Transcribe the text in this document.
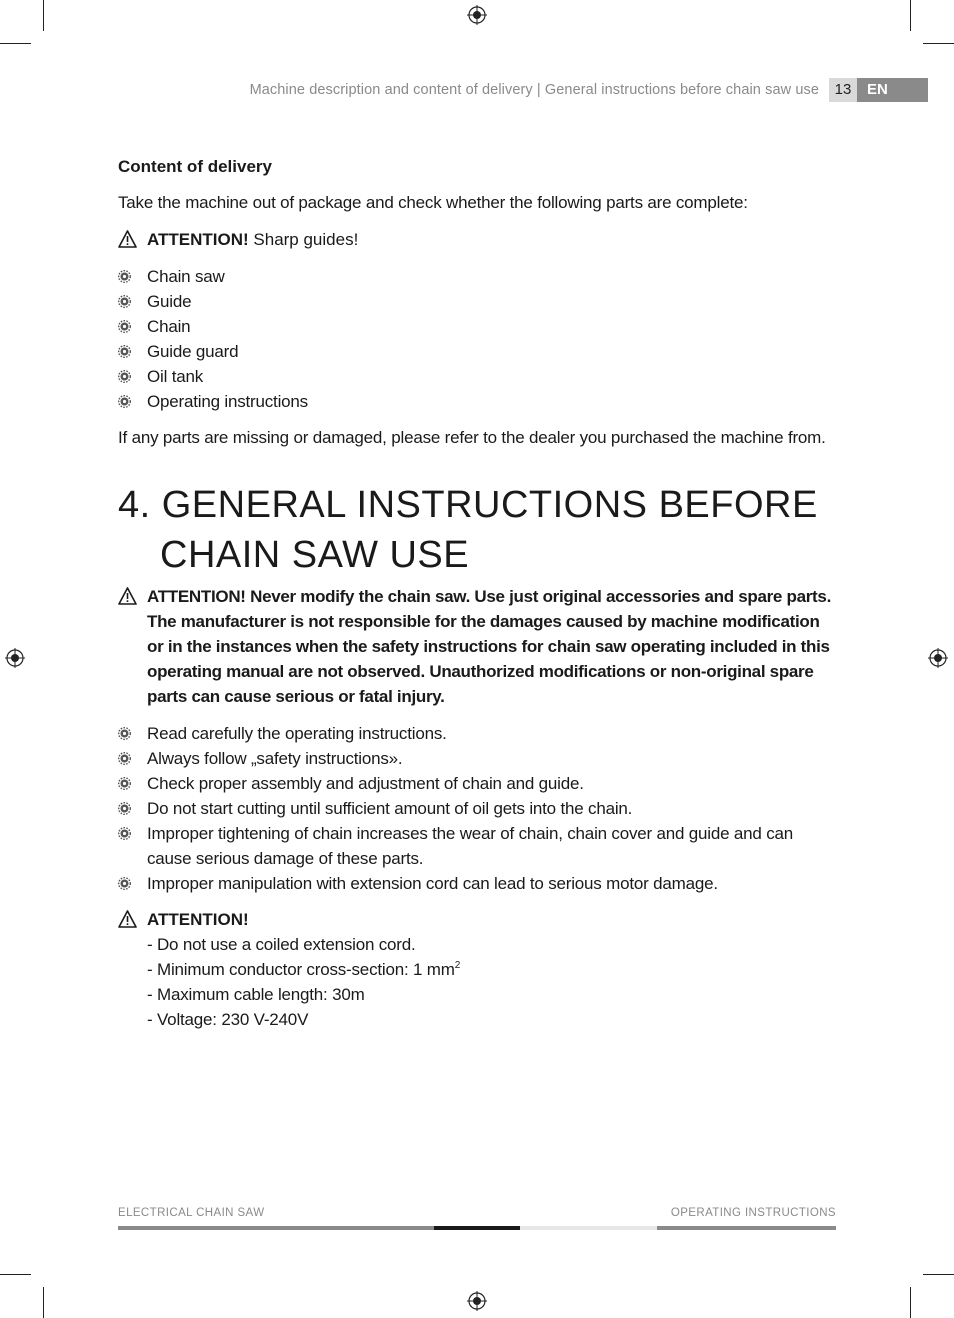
Machine description and content of delivery | General instructions before chain saw use	13	EN

Content of delivery

Take the machine out of package and check whether the following parts are complete:

ATTENTION! Sharp guides!
Chain saw
Guide
Chain
Guide guard
Oil tank
Operating instructions

If any parts are missing or damaged, please refer to the dealer you purchased the machine from.

4. GENERAL INSTRUCTIONS BEFORE
CHAIN SAW USE
ATTENTION! Never modify the chain saw. Use just original accessories and spare parts. The manufacturer is not responsible for the damages caused by machine modification or in the instances when the safety instructions for chain saw operating included in this operating manual are not observed. Unauthorized modifications or non-original spare parts can cause serious or fatal injury.
Read carefully the operating instructions.
Always follow „safety instructions».
Check proper assembly and adjustment of chain and guide.
Do not start cutting until sufficient amount of oil gets into the chain.
Improper tightening of chain increases the wear of chain, chain cover and guide and can cause serious damage of these parts.
Improper manipulation with extension cord can lead to serious motor damage.
ATTENTION!
- Do not use a coiled extension cord.
- Minimum conductor cross-section: 1 $mm^2$
- Maximum cable length: 30m
- Voltage: 230 V-240V
ELECTRICAL CHAIN SAW	OPERATING INSTRUCTIONS
